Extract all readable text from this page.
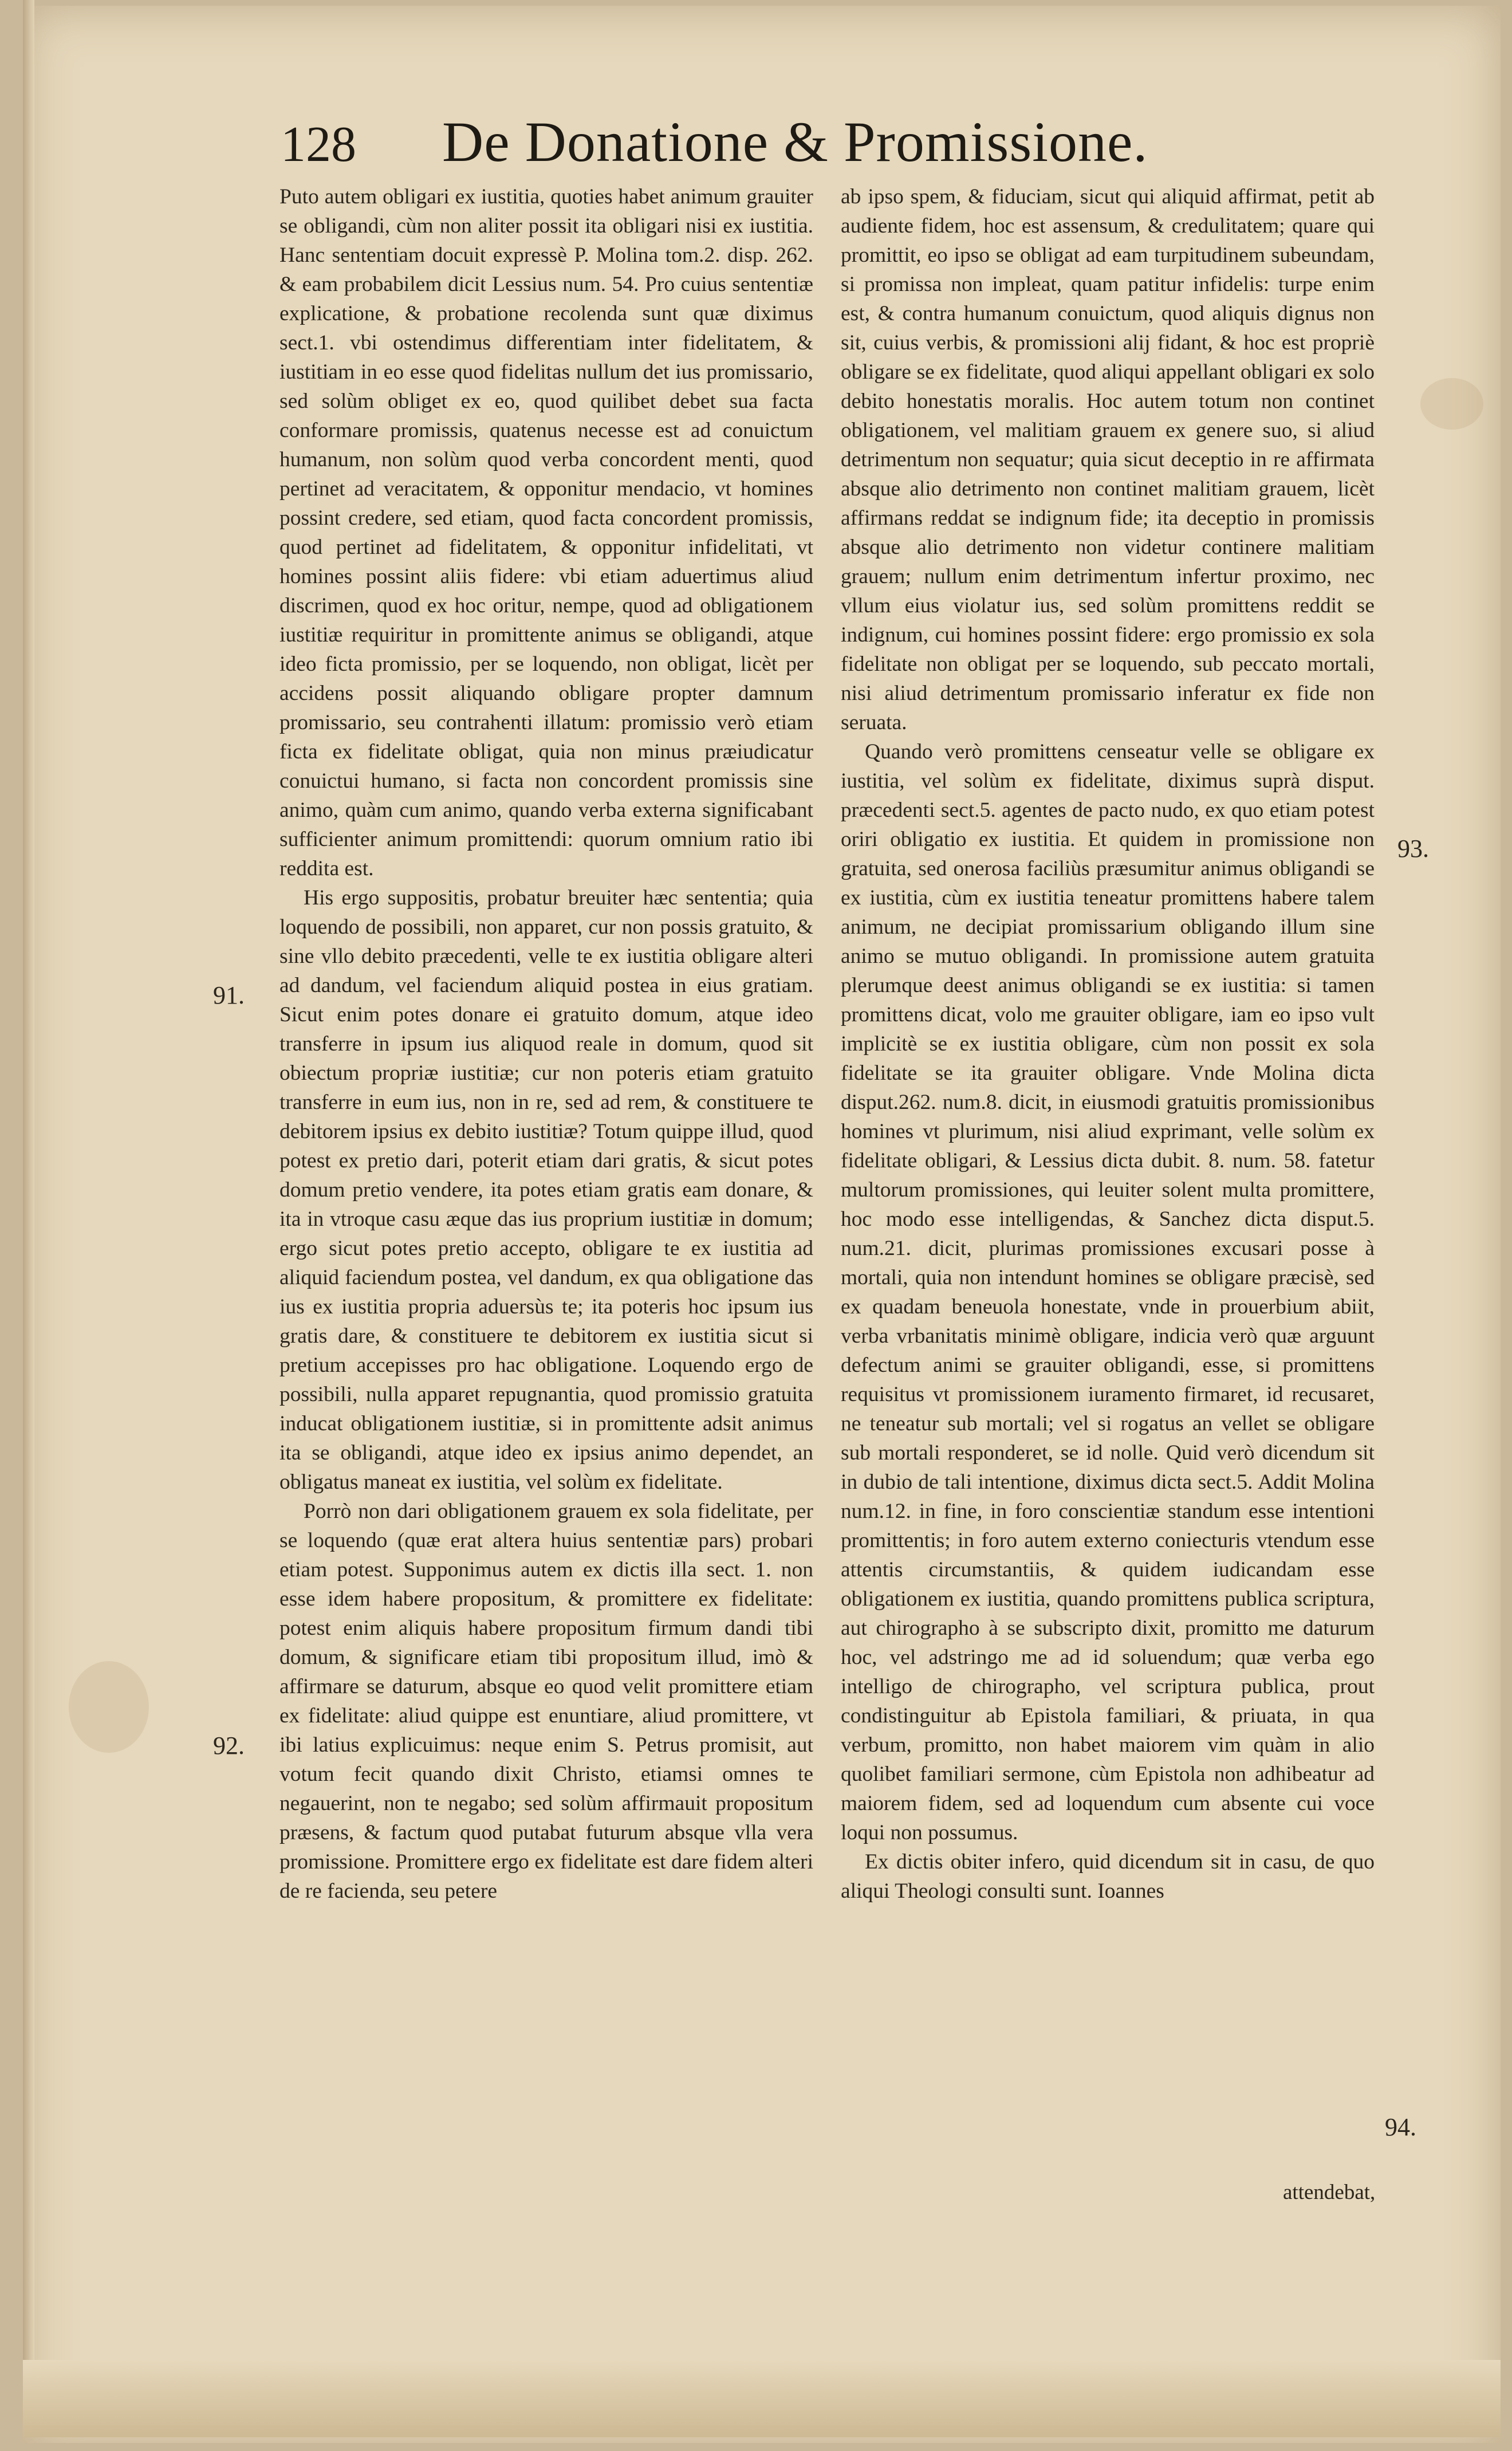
128 De Donatione & Promissione.

Puto autem obligari ex iustitia, quoties habet animum grauiter se obligandi, cùm non aliter possit ita obligari nisi ex iustitia. Hanc sententiam docuit expressè P. Molina tom.2. disp. 262. & eam probabilem dicit Lessius num. 54. Pro cuius sententiæ explicatione, & probatione recolenda sunt quæ diximus sect.1. vbi ostendimus differentiam inter fidelitatem, & iustitiam in eo esse quod fidelitas nullum det ius promissario, sed solùm obliget ex eo, quod quilibet debet sua facta conformare promissis, quatenus necesse est ad conuictum humanum, non solùm quod verba concordent menti, quod pertinet ad veracitatem, & opponitur mendacio, vt homines possint credere, sed etiam, quod facta concordent promissis, quod pertinet ad fidelitatem, & opponitur infidelitati, vt homines possint aliis fidere: vbi etiam aduertimus aliud discrimen, quod ex hoc oritur, nempe, quod ad obligationem iustitiæ requiritur in promittente animus se obligandi, atque ideo ficta promissio, per se loquendo, non obligat, licèt per accidens possit aliquando obligare propter damnum promissario, seu contrahenti illatum: promissio verò etiam ficta ex fidelitate obligat, quia non minus præiudicatur conuictui humano, si facta non concordent promissis sine animo, quàm cum animo, quando verba externa significabant sufficienter animum promittendi: quorum omnium ratio ibi reddita est.

His ergo suppositis, probatur breuiter hæc sententia; quia loquendo de possibili, non apparet, cur non possis gratuito, & sine vllo debito præcedenti, velle te ex iustitia obligare alteri ad dandum, vel faciendum aliquid postea in eius gratiam. Sicut enim potes donare ei gratuito domum, atque ideo transferre in ipsum ius aliquod reale in domum, quod sit obiectum propriæ iustitiæ; cur non poteris etiam gratuito transferre in eum ius, non in re, sed ad rem, & constituere te debitorem ipsius ex debito iustitiæ? Totum quippe illud, quod potest ex pretio dari, poterit etiam dari gratis, & sicut potes domum pretio vendere, ita potes etiam gratis eam donare, & ita in vtroque casu æque das ius proprium iustitiæ in domum; ergo sicut potes pretio accepto, obligare te ex iustitia ad aliquid faciendum postea, vel dandum, ex qua obligatione das ius ex iustitia propria aduersùs te; ita poteris hoc ipsum ius gratis dare, & constituere te debitorem ex iustitia sicut si pretium accepisses pro hac obligatione. Loquendo ergo de possibili, nulla apparet repugnantia, quod promissio gratuita inducat obligationem iustitiæ, si in promittente adsit animus ita se obligandi, atque ideo ex ipsius animo dependet, an obligatus maneat ex iustitia, vel solùm ex fidelitate.

Porrò non dari obligationem grauem ex sola fidelitate, per se loquendo (quæ erat altera huius sententiæ pars) probari etiam potest. Supponimus autem ex dictis illa sect. 1. non esse idem habere propositum, & promittere ex fidelitate: potest enim aliquis habere propositum firmum dandi tibi domum, & significare etiam tibi propositum illud, imò & affirmare se daturum, absque eo quod velit promittere etiam ex fidelitate: aliud quippe est enuntiare, aliud promittere, vt ibi latius explicuimus: neque enim S. Petrus promisit, aut votum fecit quando dixit Christo, etiamsi omnes te negauerint, non te negabo; sed solùm affirmauit propositum præsens, & factum quod putabat futurum absque vlla vera promissione. Promittere ergo ex fidelitate est dare fidem alteri de re facienda, seu petere

ab ipso spem, & fiduciam, sicut qui aliquid affirmat, petit ab audiente fidem, hoc est assensum, & credulitatem; quare qui promittit, eo ipso se obligat ad eam turpitudinem subeundam, si promissa non impleat, quam patitur infidelis: turpe enim est, & contra humanum conuictum, quod aliquis dignus non sit, cuius verbis, & promissioni alij fidant, & hoc est propriè obligare se ex fidelitate, quod aliqui appellant obligari ex solo debito honestatis moralis. Hoc autem totum non continet obligationem, vel malitiam grauem ex genere suo, si aliud detrimentum non sequatur; quia sicut deceptio in re affirmata absque alio detrimento non continet malitiam grauem, licèt affirmans reddat se indignum fide; ita deceptio in promissis absque alio detrimento non videtur continere malitiam grauem; nullum enim detrimentum infertur proximo, nec vllum eius violatur ius, sed solùm promittens reddit se indignum, cui homines possint fidere: ergo promissio ex sola fidelitate non obligat per se loquendo, sub peccato mortali, nisi aliud detrimentum promissario inferatur ex fide non seruata.

Quando verò promittens censeatur velle se obligare ex iustitia, vel solùm ex fidelitate, diximus suprà disput. præcedenti sect.5. agentes de pacto nudo, ex quo etiam potest oriri obligatio ex iustitia. Et quidem in promissione non gratuita, sed onerosa faciliùs præsumitur animus obligandi se ex iustitia, cùm ex iustitia teneatur promittens habere talem animum, ne decipiat promissarium obligando illum sine animo se mutuo obligandi. In promissione autem gratuita plerumque deest animus obligandi se ex iustitia: si tamen promittens dicat, volo me grauiter obligare, iam eo ipso vult implicitè se ex iustitia obligare, cùm non possit ex sola fidelitate se ita grauiter obligare. Vnde Molina dicta disput.262. num.8. dicit, in eiusmodi gratuitis promissionibus homines vt plurimum, nisi aliud exprimant, velle solùm ex fidelitate obligari, & Lessius dicta dubit. 8. num. 58. fatetur multorum promissiones, qui leuiter solent multa promittere, hoc modo esse intelligendas, & Sanchez dicta disput.5. num.21. dicit, plurimas promissiones excusari posse à mortali, quia non intendunt homines se obligare præcisè, sed ex quadam beneuola honestate, vnde in prouerbium abiit, verba vrbanitatis minimè obligare, indicia verò quæ arguunt defectum animi se grauiter obligandi, esse, si promittens requisitus vt promissionem iuramento firmaret, id recusaret, ne teneatur sub mortali; vel si rogatus an vellet se obligare sub mortali responderet, se id nolle. Quid verò dicendum sit in dubio de tali intentione, diximus dicta sect.5. Addit Molina num.12. in fine, in foro conscientiæ standum esse intentioni promittentis; in foro autem externo coniecturis vtendum esse attentis circumstantiis, & quidem iudicandam esse obligationem ex iustitia, quando promittens publica scriptura, aut chirographo à se subscripto dixit, promitto me daturum hoc, vel adstringo me ad id soluendum; quæ verba ego intelligo de chirographo, vel scriptura publica, prout condistinguitur ab Epistola familiari, & priuata, in qua verbum, promitto, non habet maiorem vim quàm in alio quolibet familiari sermone, cùm Epistola non adhibeatur ad maiorem fidem, sed ad loquendum cum absente cui voce loqui non possumus.

Ex dictis obiter infero, quid dicendum sit in casu, de quo aliqui Theologi consulti sunt. Ioannes

91.
92.
93.
94.
attendebat,
